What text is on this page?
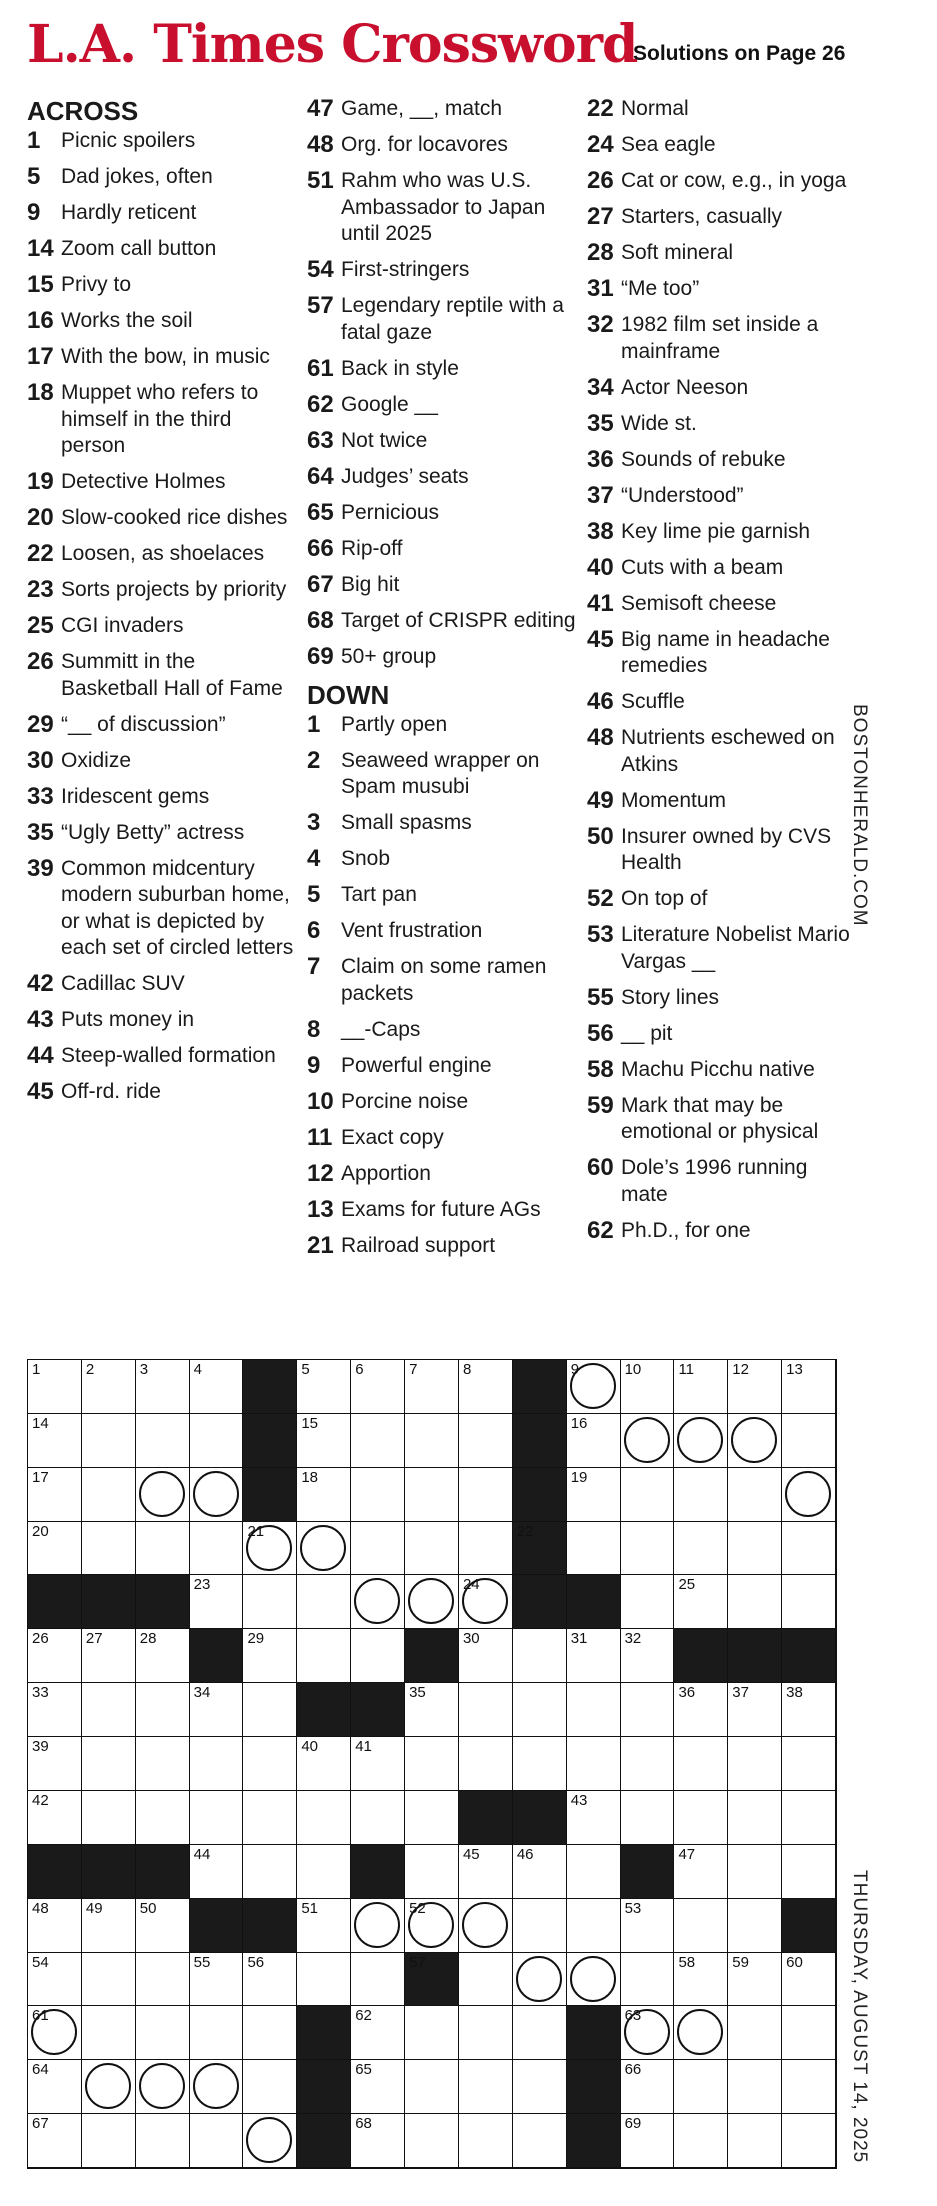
L.A. Times Crossword
Solutions on Page 26
ACROSS
1 Picnic spoilers
5 Dad jokes, often
9 Hardly reticent
14 Zoom call button
15 Privy to
16 Works the soil
17 With the bow, in music
18 Muppet who refers to himself in the third person
19 Detective Holmes
20 Slow-cooked rice dishes
22 Loosen, as shoelaces
23 Sorts projects by priority
25 CGI invaders
26 Summitt in the Basketball Hall of Fame
29 “__ of discussion”
30 Oxidize
33 Iridescent gems
35 “Ugly Betty” actress
39 Common midcentury modern suburban home, or what is depicted by each set of circled letters
42 Cadillac SUV
43 Puts money in
44 Steep-walled formation
45 Off-rd. ride
47 Game, __, match
48 Org. for locavores
51 Rahm who was U.S. Ambassador to Japan until 2025
54 First-stringers
57 Legendary reptile with a fatal gaze
61 Back in style
62 Google __
63 Not twice
64 Judges’ seats
65 Pernicious
66 Rip-off
67 Big hit
68 Target of CRISPR editing
69 50+ group
DOWN
1 Partly open
2 Seaweed wrapper on Spam musubi
3 Small spasms
4 Snob
5 Tart pan
6 Vent frustration
7 Claim on some ramen packets
8 __-Caps
9 Powerful engine
10 Porcine noise
11 Exact copy
12 Apportion
13 Exams for future AGs
21 Railroad support
22 Normal
24 Sea eagle
26 Cat or cow, e.g., in yoga
27 Starters, casually
28 Soft mineral
31 “Me too”
32 1982 film set inside a mainframe
34 Actor Neeson
35 Wide st.
36 Sounds of rebuke
37 “Understood”
38 Key lime pie garnish
40 Cuts with a beam
41 Semisoft cheese
45 Big name in headache remedies
46 Scuffle
48 Nutrients eschewed on Atkins
49 Momentum
50 Insurer owned by CVS Health
52 On top of
53 Literature Nobelist Mario Vargas __
55 Story lines
56 __ pit
58 Machu Picchu native
59 Mark that may be emotional or physical
60 Dole’s 1996 running mate
62 Ph.D., for one
BOSTONHERALD.COM
THURSDAY, AUGUST 14, 2025
1	2	3	4	5	6	7	8	9	10 11	12 13
14	15	16
17	18	19
20	21	22
23	24	25
26 27 28	29	30	31 32
33	34	35	36 37 38
39	40 41
42	43
44	45 46	47
48 49 50	51	52	53
54	55 56	57	58 59 60
61	62	63
64	65	66
67	68	69
